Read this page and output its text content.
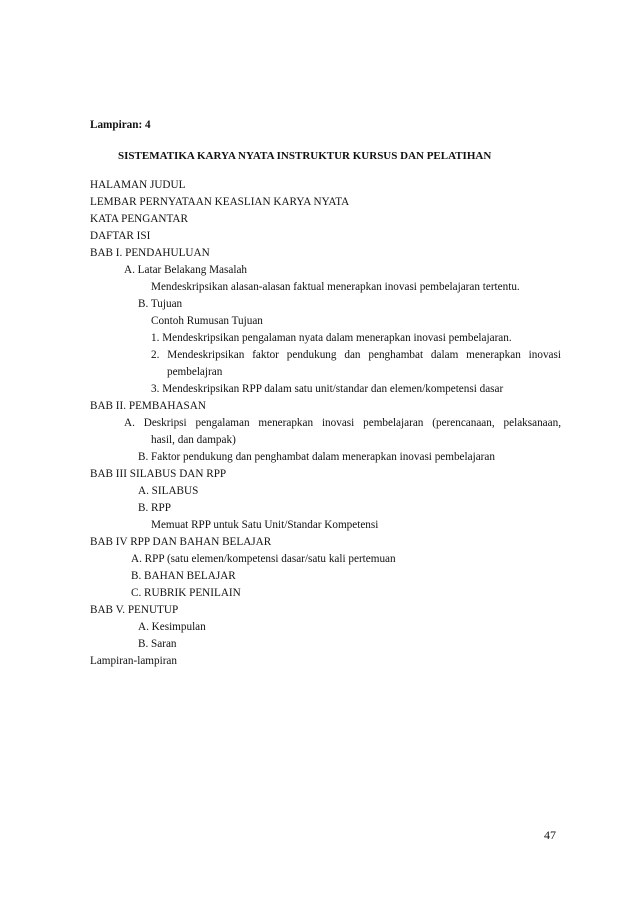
Lampiran: 4
SISTEMATIKA KARYA NYATA INSTRUKTUR KURSUS DAN PELATIHAN
HALAMAN JUDUL
LEMBAR PERNYATAAN KEASLIAN KARYA NYATA
KATA PENGANTAR
DAFTAR ISI
BAB I. PENDAHULUAN
A. Latar Belakang Masalah
Mendeskripsikan alasan-alasan faktual menerapkan inovasi pembelajaran tertentu.
B. Tujuan
Contoh Rumusan Tujuan
1. Mendeskripsikan pengalaman nyata dalam menerapkan inovasi pembelajaran.
2. Mendeskripsikan faktor pendukung dan penghambat dalam menerapkan inovasi
pembelajran
3. Mendeskripsikan RPP dalam satu unit/standar dan elemen/kompetensi dasar
BAB II. PEMBAHASAN
A. Deskripsi pengalaman menerapkan inovasi pembelajaran (perencanaan, pelaksanaan,
hasil, dan dampak)
B. Faktor pendukung dan penghambat dalam menerapkan inovasi pembelajaran
BAB III SILABUS DAN RPP
A. SILABUS
B. RPP
Memuat RPP untuk Satu Unit/Standar Kompetensi
BAB IV RPP DAN BAHAN BELAJAR
A. RPP (satu elemen/kompetensi dasar/satu kali pertemuan
B. BAHAN BELAJAR
C. RUBRIK PENILAIN
BAB V. PENUTUP
A. Kesimpulan
B. Saran
Lampiran-lampiran
47
